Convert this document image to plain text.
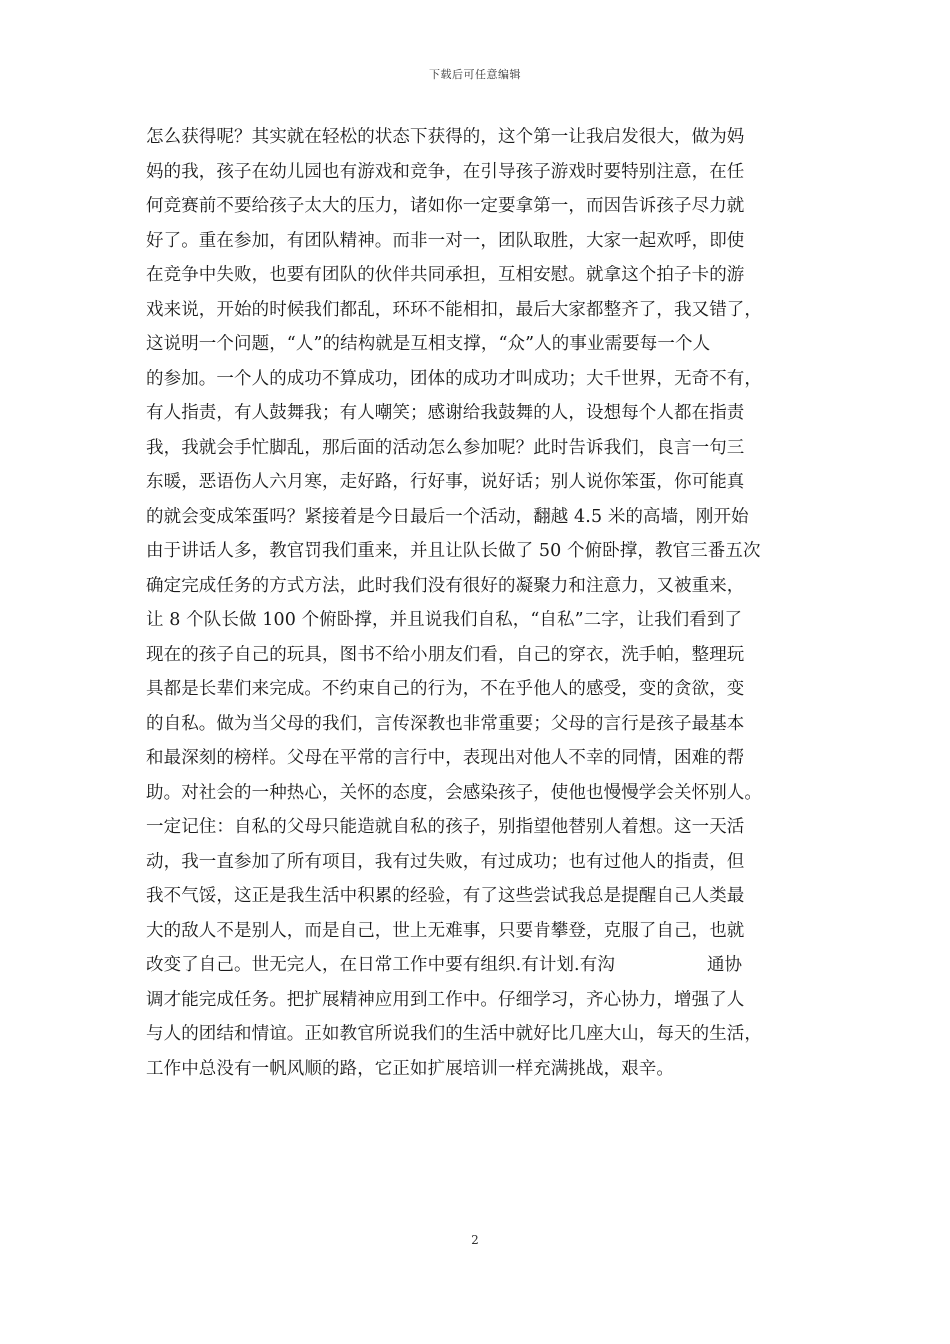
下载后可任意编辑
怎么获得呢？其实就在轻松的状态下获得的，这个第一让我启发很大，做为妈
妈的我，孩子在幼儿园也有游戏和竞争，在引导孩子游戏时要特别注意，在任
何竞赛前不要给孩子太大的压力，诸如你一定要拿第一，而因告诉孩子尽力就
好了。重在参加，有团队精神。而非一对一，团队取胜，大家一起欢呼，即使
在竞争中失败，也要有团队的伙伴共同承担，互相安慰。就拿这个拍子卡的游
戏来说，开始的时候我们都乱，环环不能相扣，最后大家都整齐了，我又错了，
这说明一个问题，“人”的结构就是互相支撑，“众”人的事业需要每一个人
的参加。一个人的成功不算成功，团体的成功才叫成功；大千世界，无奇不有，
有人指责，有人鼓舞我；有人嘲笑；感谢给我鼓舞的人，设想每个人都在指责
我，我就会手忙脚乱，那后面的活动怎么参加呢？此时告诉我们，良言一句三
东暖，恶语伤人六月寒，走好路，行好事，说好话；别人说你笨蛋，你可能真
的就会变成笨蛋吗？紧接着是今日最后一个活动，翻越 4.5 米的高墙，刚开始
由于讲话人多，教官罚我们重来，并且让队长做了 50 个俯卧撑，教官三番五次
确定完成任务的方式方法，此时我们没有很好的凝聚力和注意力，又被重来，
让 8 个队长做 100 个俯卧撑，并且说我们自私，“自私”二字，让我们看到了
现在的孩子自己的玩具，图书不给小朋友们看，自己的穿衣，洗手帕，整理玩
具都是长辈们来完成。不约束自己的行为，不在乎他人的感受，变的贪欲，变
的自私。做为当父母的我们，言传深教也非常重要；父母的言行是孩子最基本
和最深刻的榜样。父母在平常的言行中，表现出对他人不幸的同情，困难的帮
助。对社会的一种热心，关怀的态度，会感染孩子，使他也慢慢学会关怀别人。
一定记住：自私的父母只能造就自私的孩子，别指望他替别人着想。这一天活
动，我一直参加了所有项目，我有过失败，有过成功；也有过他人的指责，但
我不气馁，这正是我生活中积累的经验，有了这些尝试我总是提醒自己人类最
大的敌人不是别人，而是自己，世上无难事，只要肯攀登，克服了自己，也就
改变了自己。世无完人，在日常工作中要有组织.有计划.有沟	通协
调才能完成任务。把扩展精神应用到工作中。仔细学习，齐心协力，增强了人
与人的团结和情谊。正如教官所说我们的生活中就好比几座大山，每天的生活，
工作中总没有一帆风顺的路，它正如扩展培训一样充满挑战，艰辛。
2
